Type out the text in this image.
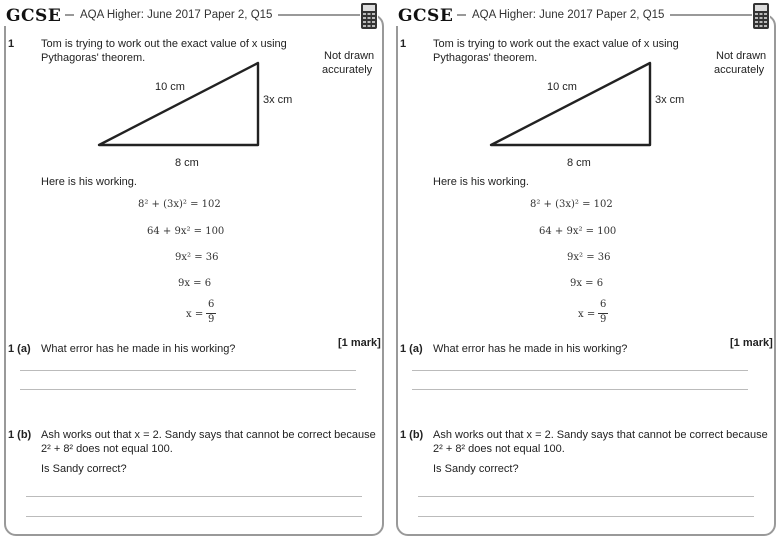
GCSE	AQA Higher: June 2017 Paper 2, Q15
1 Tom is trying to work out the exact value of x using
Pythagoras' theorem.	Not drawn
accurately
10 cm
3x cm
8 cm
Here is his working.
8² + (3x)² = 102
64 + 9x² = 100
9x² = 36
9x = 6
x =
6
9
1 (a) What error has he made in his working?	[1 mark]
1 (b) Ash works out that x = 2. Sandy says that cannot be correct because
2² + 8² does not equal 100.
Is Sandy correct?
GCSE	AQA Higher: June 2017 Paper 2, Q15
1 Tom is trying to work out the exact value of x using
Pythagoras' theorem.	Not drawn
accurately
10 cm
3x cm
8 cm
Here is his working.
8² + (3x)² = 102
64 + 9x² = 100
9x² = 36
9x = 6
x =
6
9
1 (a) What error has he made in his working?	[1 mark]
1 (b) Ash works out that x = 2. Sandy says that cannot be correct because
2² + 8² does not equal 100.
Is Sandy correct?
